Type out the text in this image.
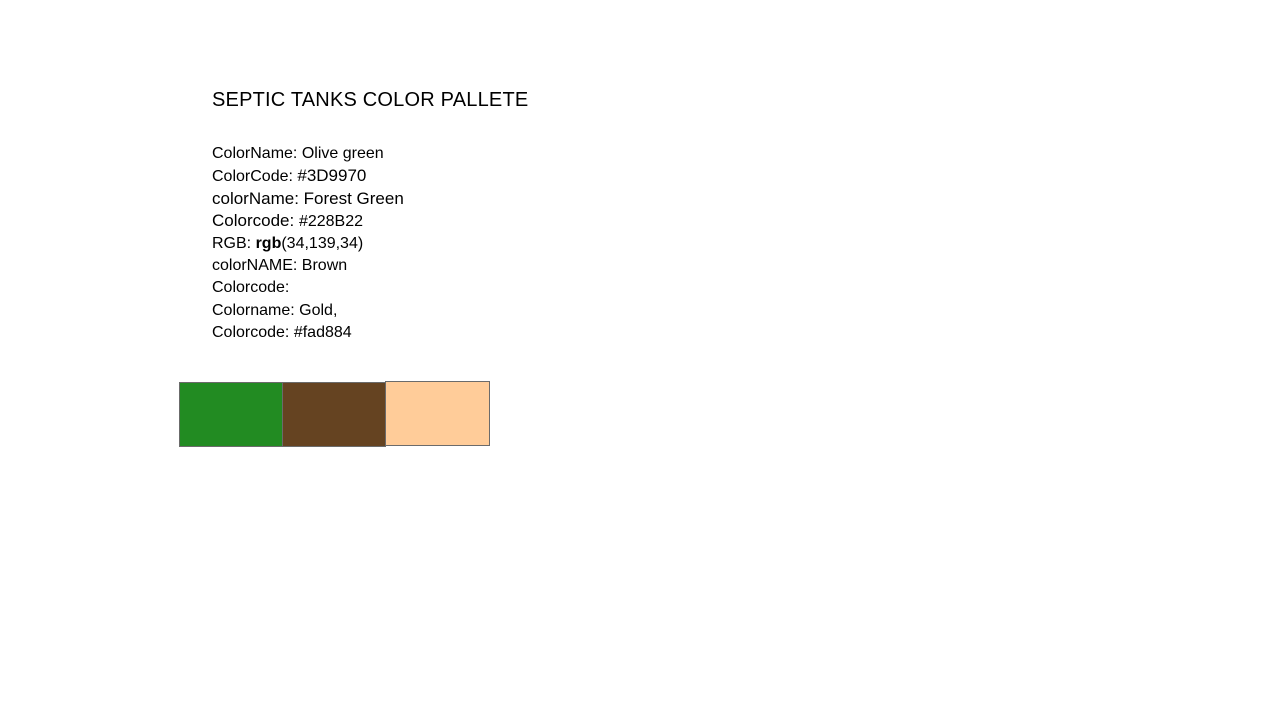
SEPTIC TANKS COLOR PALLETE
ColorName: Olive green
ColorCode: #3D9970
colorName: Forest Green
Colorcode: #228B22
RGB: rgb(34,139,34)
colorNAME: Brown
Colorcode:
Colorname: Gold,
Colorcode: #fad884
